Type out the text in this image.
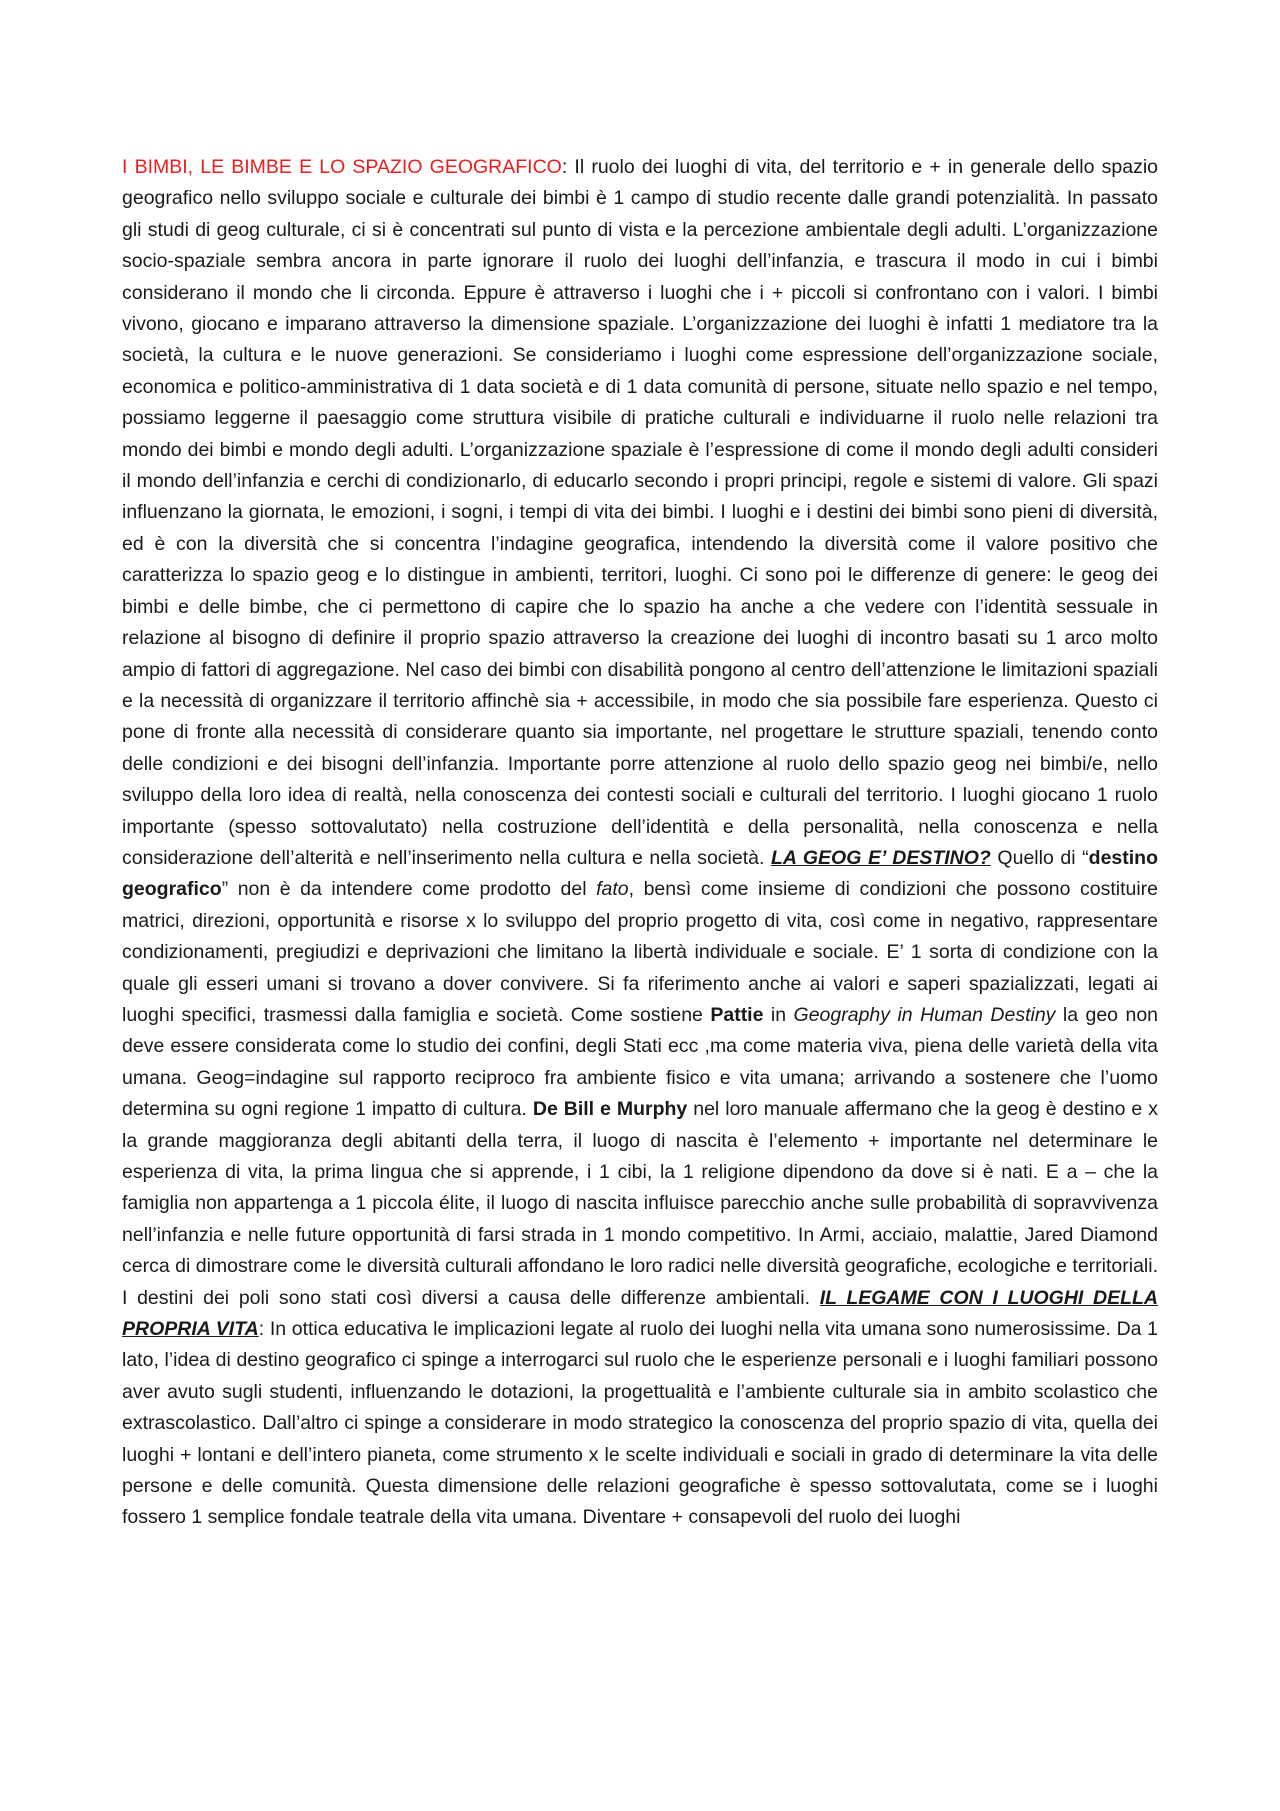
I BIMBI, LE BIMBE E LO SPAZIO GEOGRAFICO: Il ruolo dei luoghi di vita, del territorio e + in generale dello spazio geografico nello sviluppo sociale e culturale dei bimbi è 1 campo di studio recente dalle grandi potenzialità. In passato gli studi di geog culturale, ci si è concentrati sul punto di vista e la percezione ambientale degli adulti. L’organizzazione socio-spaziale sembra ancora in parte ignorare il ruolo dei luoghi dell’infanzia, e trascura il modo in cui i bimbi considerano il mondo che li circonda. Eppure è attraverso i luoghi che i + piccoli si confrontano con i valori. I bimbi vivono, giocano e imparano attraverso la dimensione spaziale. L’organizzazione dei luoghi è infatti 1 mediatore tra la società, la cultura e le nuove generazioni. Se consideriamo i luoghi come espressione dell’organizzazione sociale, economica e politico-amministrativa di 1 data società e di 1 data comunità di persone, situate nello spazio e nel tempo, possiamo leggerne il paesaggio come struttura visibile di pratiche culturali e individuarne il ruolo nelle relazioni tra mondo dei bimbi e mondo degli adulti. L’organizzazione spaziale è l’espressione di come il mondo degli adulti consideri il mondo dell’infanzia e cerchi di condizionarlo, di educarlo secondo i propri principi, regole e sistemi di valore. Gli spazi influenzano la giornata, le emozioni, i sogni, i tempi di vita dei bimbi. I luoghi e i destini dei bimbi sono pieni di diversità, ed è con la diversità che si concentra l’indagine geografica, intendendo la diversità come il valore positivo che caratterizza lo spazio geog e lo distingue in ambienti, territori, luoghi. Ci sono poi le differenze di genere: le geog dei bimbi e delle bimbe, che ci permettono di capire che lo spazio ha anche a che vedere con l’identità sessuale in relazione al bisogno di definire il proprio spazio attraverso la creazione dei luoghi di incontro basati su 1 arco molto ampio di fattori di aggregazione. Nel caso dei bimbi con disabilità pongono al centro dell’attenzione le limitazioni spaziali e la necessità di organizzare il territorio affinchè sia + accessibile, in modo che sia possibile fare esperienza. Questo ci pone di fronte alla necessità di considerare quanto sia importante, nel progettare le strutture spaziali, tenendo conto delle condizioni e dei bisogni dell’infanzia. Importante porre attenzione al ruolo dello spazio geog nei bimbi/e, nello sviluppo della loro idea di realtà, nella conoscenza dei contesti sociali e culturali del territorio. I luoghi giocano 1 ruolo importante (spesso sottovalutato) nella costruzione dell’identità e della personalità, nella conoscenza e nella considerazione dell’alterità e nell’inserimento nella cultura e nella società. LA GEOG E’ DESTINO? Quello di “destino geografico” non è da intendere come prodotto del fato, bensì come insieme di condizioni che possono costituire matrici, direzioni, opportunità e risorse x lo sviluppo del proprio progetto di vita, così come in negativo, rappresentare condizionamenti, pregiudizi e deprivazioni che limitano la libertà individuale e sociale. E’ 1 sorta di condizione con la quale gli esseri umani si trovano a dover convivere. Si fa riferimento anche ai valori e saperi spazializzati, legati ai luoghi specifici, trasmessi dalla famiglia e società. Come sostiene Pattie in Geography in Human Destiny la geo non deve essere considerata come lo studio dei confini, degli Stati ecc ,ma come materia viva, piena delle varietà della vita umana. Geog=indagine sul rapporto reciproco fra ambiente fisico e vita umana; arrivando a sostenere che l’uomo determina su ogni regione 1 impatto di cultura. De Bill e Murphy nel loro manuale affermano che la geog è destino e x la grande maggioranza degli abitanti della terra, il luogo di nascita è l’elemento + importante nel determinare le esperienza di vita, la prima lingua che si apprende, i 1 cibi, la 1 religione dipendono da dove si è nati. E a – che la famiglia non appartenga a 1 piccola élite, il luogo di nascita influisce parecchio anche sulle probabilità di sopravvivenza nell’infanzia e nelle future opportunità di farsi strada in 1 mondo competitivo. In Armi, acciaio, malattie, Jared Diamond cerca di dimostrare come le diversità culturali affondano le loro radici nelle diversità geografiche, ecologiche e territoriali. I destini dei poli sono stati così diversi a causa delle differenze ambientali. IL LEGAME CON I LUOGHI DELLA PROPRIA VITA: In ottica educativa le implicazioni legate al ruolo dei luoghi nella vita umana sono numerosissime. Da 1 lato, l’idea di destino geografico ci spinge a interrogarci sul ruolo che le esperienze personali e i luoghi familiari possono aver avuto sugli studenti, influenzando le dotazioni, la progettualità e l’ambiente culturale sia in ambito scolastico che extrascolastico. Dall’altro ci spinge a considerare in modo strategico la conoscenza del proprio spazio di vita, quella dei luoghi + lontani e dell’intero pianeta, come strumento x le scelte individuali e sociali in grado di determinare la vita delle persone e delle comunità. Questa dimensione delle relazioni geografiche è spesso sottovalutata, come se i luoghi fossero 1 semplice fondale teatrale della vita umana. Diventare + consapevoli del ruolo dei luoghi
